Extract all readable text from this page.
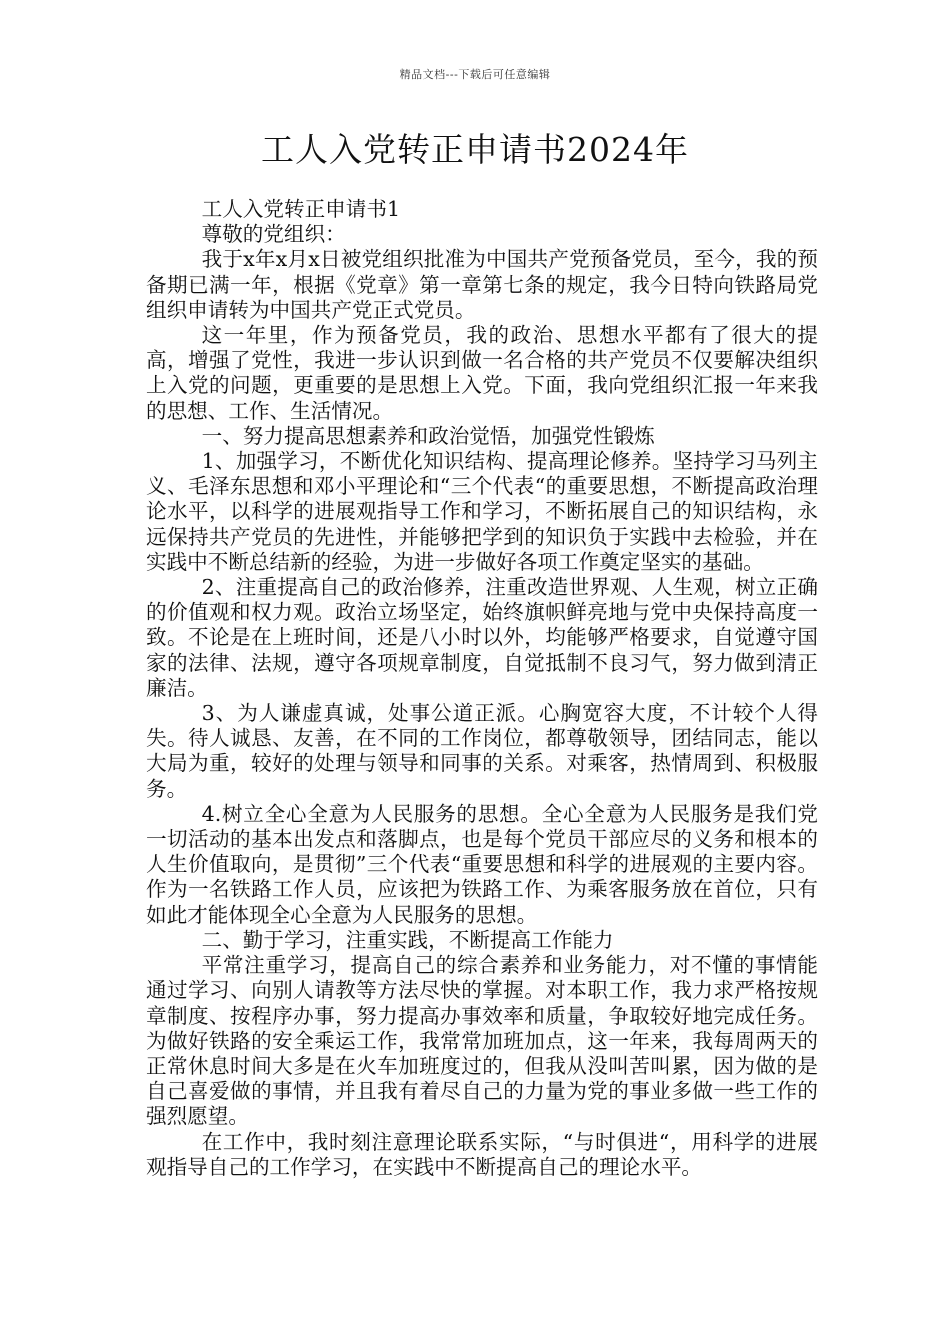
精品文档---下载后可任意编辑
工人入党转正申请书2024年

工人入党转正申请书1

尊敬的党组织：

我于x年x月x日被党组织批准为中国共产党预备党员，至今，我的预备期已满一年，根据《党章》第一章第七条的规定，我今日特向铁路局党组织申请转为中国共产党正式党员。

这一年里，作为预备党员，我的政治、思想水平都有了很大的提高，增强了党性，我进一步认识到做一名合格的共产党员不仅要解决组织上入党的问题，更重要的是思想上入党。下面，我向党组织汇报一年来我的思想、工作、生活情况。

一、努力提高思想素养和政治觉悟，加强党性锻炼

1、加强学习，不断优化知识结构、提高理论修养。坚持学习马列主义、毛泽东思想和邓小平理论和“三个代表“的重要思想，不断提高政治理论水平，以科学的进展观指导工作和学习，不断拓展自己的知识结构，永远保持共产党员的先进性，并能够把学到的知识负于实践中去检验，并在实践中不断总结新的经验，为进一步做好各项工作奠定坚实的基础。

2、注重提高自己的政治修养，注重改造世界观、人生观，树立正确的价值观和权力观。政治立场坚定，始终旗帜鲜亮地与党中央保持高度一致。不论是在上班时间，还是八小时以外，均能够严格要求，自觉遵守国家的法律、法规，遵守各项规章制度，自觉抵制不良习气，努力做到清正廉洁。

3、为人谦虚真诚，处事公道正派。心胸宽容大度，不计较个人得失。待人诚恳、友善，在不同的工作岗位，都尊敬领导，团结同志，能以大局为重，较好的处理与领导和同事的关系。对乘客，热情周到、积极服务。

4.树立全心全意为人民服务的思想。全心全意为人民服务是我们党一切活动的基本出发点和落脚点，也是每个党员干部应尽的义务和根本的人生价值取向，是贯彻”三个代表“重要思想和科学的进展观的主要内容。作为一名铁路工作人员，应该把为铁路工作、为乘客服务放在首位，只有如此才能体现全心全意为人民服务的思想。

二、勤于学习，注重实践，不断提高工作能力

平常注重学习，提高自己的综合素养和业务能力，对不懂的事情能通过学习、向别人请教等方法尽快的掌握。对本职工作，我力求严格按规章制度、按程序办事，努力提高办事效率和质量，争取较好地完成任务。为做好铁路的安全乘运工作，我常常加班加点，这一年来，我每周两天的正常休息时间大多是在火车加班度过的，但我从没叫苦叫累，因为做的是自己喜爱做的事情，并且我有着尽自己的力量为党的事业多做一些工作的强烈愿望。

在工作中，我时刻注意理论联系实际，“与时俱进“，用科学的进展观指导自己的工作学习，在实践中不断提高自己的理论水平。
